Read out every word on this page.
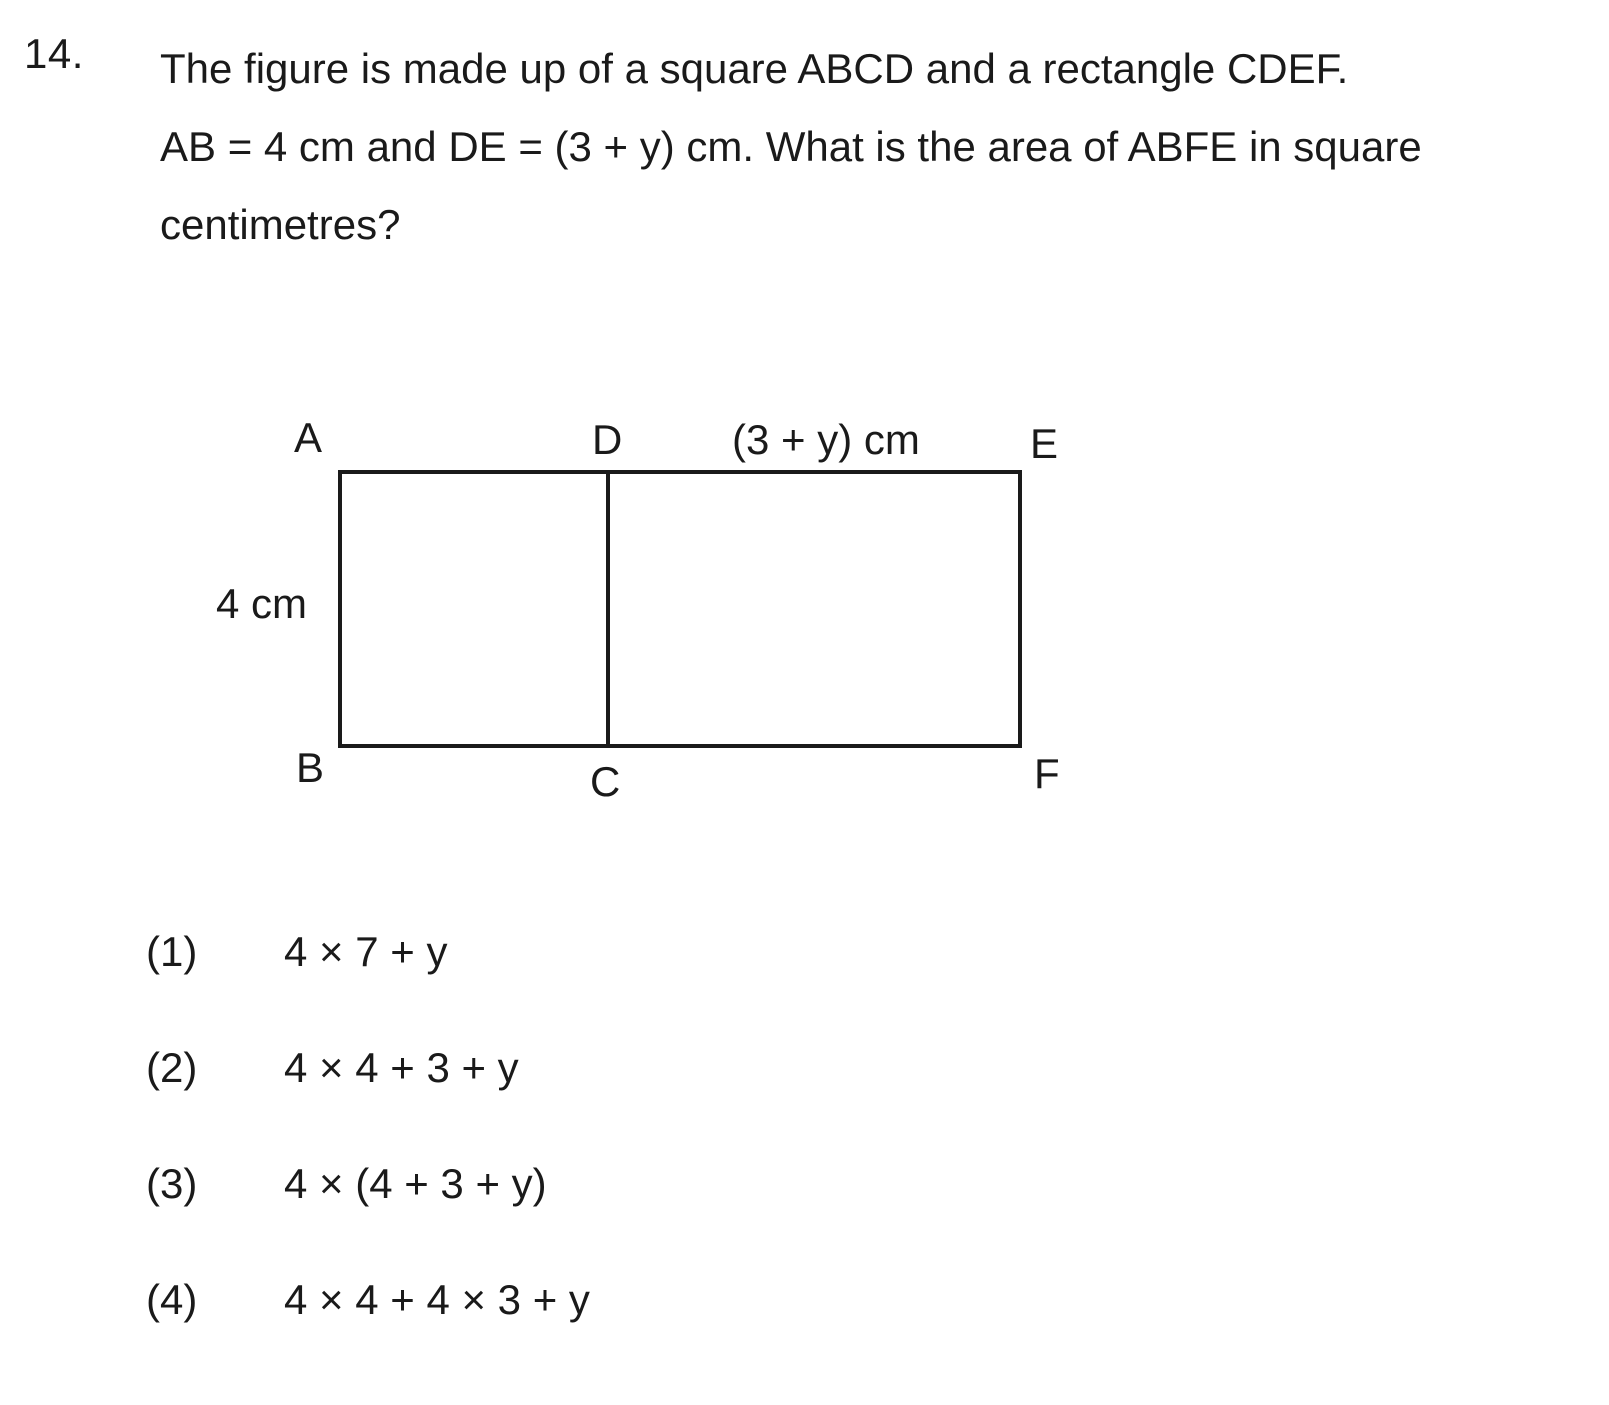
14. The figure is made up of a square ABCD and a rectangle CDEF.
AB = 4 cm and DE = (3 + y) cm. What is the area of ABFE in square
centimetres?
A	D	E
B	C	F
4 cm
(3 + y) cm
(1) 4 × 7 + y
(2) 4 × 4 + 3 + y
(3) 4 × (4 + 3 + y)
(4) 4 × 4 + 4 × 3 + y
